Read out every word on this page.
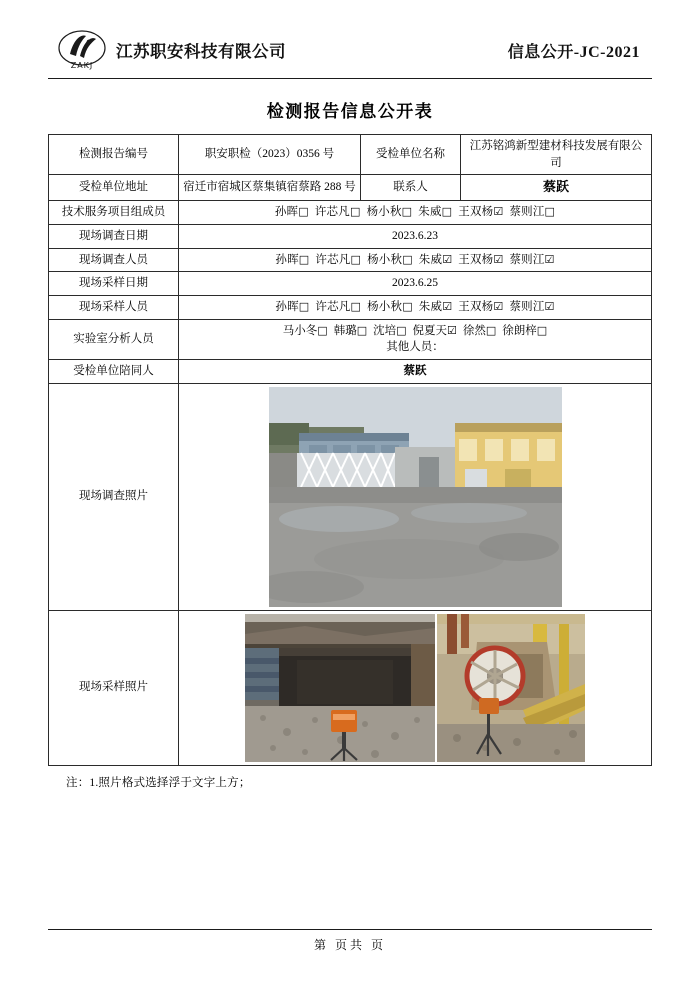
ZAKJ
江苏职安科技有限公司	信息公开-JC-2021
检测报告信息公开表
检测报告编号	职安职检（2023）0356 号	受检单位名称	江苏铭鸿新型建材科技发展有限公司
受检单位地址	宿迁市宿城区蔡集镇宿蔡路 288 号	联系人	蔡跃
技术服务项目组成员	孙晖□ 许芯凡□ 杨小秋□ 朱威□ 王双杨☑ 蔡则江□		
现场调查日期	2023.6.23		
现场调查人员	孙晖□ 许芯凡□ 杨小秋□ 朱威☑ 王双杨☑ 蔡则江☑		
现场采样日期	2023.6.25		
现场采样人员	孙晖□ 许芯凡□ 杨小秋□ 朱威☑ 王双杨☑ 蔡则江☑		
实验室分析人员	马小冬□ 韩璐□ 沈培□ 倪夏天☑ 徐然□ 徐朗梓□
其他人员：		

受检单位陪同人	蔡跃		
现场调查照片	

现场采样照片	
注：1.照片格式选择浮于文字上方；
第 页共 页
